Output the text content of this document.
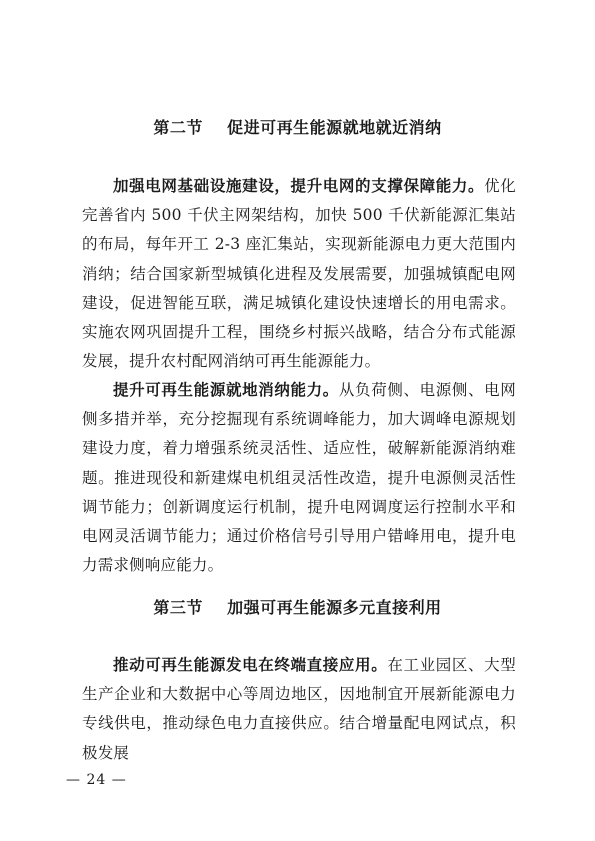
第二节    促进可再生能源就地就近消纳

加强电网基础设施建设，提升电网的支撑保障能力。优化完善省内 500 千伏主网架结构，加快 500 千伏新能源汇集站的布局，每年开工 2-3 座汇集站，实现新能源电力更大范围内消纳；结合国家新型城镇化进程及发展需要，加强城镇配电网建设，促进智能互联，满足城镇化建设快速增长的用电需求。实施农网巩固提升工程，围绕乡村振兴战略，结合分布式能源发展，提升农村配网消纳可再生能源能力。

提升可再生能源就地消纳能力。从负荷侧、电源侧、电网侧多措并举，充分挖掘现有系统调峰能力，加大调峰电源规划建设力度，着力增强系统灵活性、适应性，破解新能源消纳难题。推进现役和新建煤电机组灵活性改造，提升电源侧灵活性调节能力；创新调度运行机制，提升电网调度运行控制水平和电网灵活调节能力；通过价格信号引导用户错峰用电，提升电力需求侧响应能力。

第三节    加强可再生能源多元直接利用

推动可再生能源发电在终端直接应用。在工业园区、大型生产企业和大数据中心等周边地区，因地制宜开展新能源电力专线供电，推动绿色电力直接供应。结合增量配电网试点，积极发展

— 24 —
